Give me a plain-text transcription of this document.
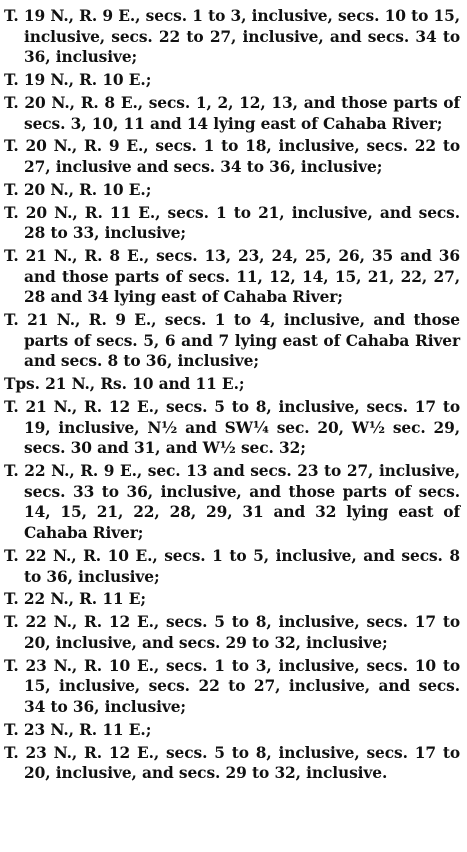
T. 19 N., R. 9 E., secs. 1 to 3, inclusive, secs. 10 to 15, inclusive, secs. 22 to 27, inclusive, and secs. 34 to 36, inclusive;

T. 19 N., R. 10 E.;

T. 20 N., R. 8 E., secs. 1, 2, 12, 13, and those parts of secs. 3, 10, 11 and 14 lying east of Cahaba River;

T. 20 N., R. 9 E., secs. 1 to 18, inclusive, secs. 22 to 27, inclusive and secs. 34 to 36, inclusive;

T. 20 N., R. 10 E.;

T. 20 N., R. 11 E., secs. 1 to 21, inclusive, and secs. 28 to 33, inclusive;

T. 21 N., R. 8 E., secs. 13, 23, 24, 25, 26, 35 and 36 and those parts of secs. 11, 12, 14, 15, 21, 22, 27, 28 and 34 lying east of Cahaba River;

T. 21 N., R. 9 E., secs. 1 to 4, inclusive, and those parts of secs. 5, 6 and 7 lying east of Cahaba River and secs. 8 to 36, inclusive;

Tps. 21 N., Rs. 10 and 11 E.;

T. 21 N., R. 12 E., secs. 5 to 8, inclusive, secs. 17 to 19, inclusive, N½ and SW¼ sec. 20, W½ sec. 29, secs. 30 and 31, and W½ sec. 32;

T. 22 N., R. 9 E., sec. 13 and secs. 23 to 27, inclusive, secs. 33 to 36, inclusive, and those parts of secs. 14, 15, 21, 22, 28, 29, 31 and 32 lying east of Cahaba River;

T. 22 N., R. 10 E., secs. 1 to 5, inclusive, and secs. 8 to 36, inclusive;

T. 22 N., R. 11 E;

T. 22 N., R. 12 E., secs. 5 to 8, inclusive, secs. 17 to 20, inclusive, and secs. 29 to 32, inclusive;

T. 23 N., R. 10 E., secs. 1 to 3, inclusive, secs. 10 to 15, inclusive, secs. 22 to 27, inclusive, and secs. 34 to 36, inclusive;

T. 23 N., R. 11 E.;

T. 23 N., R. 12 E., secs. 5 to 8, inclusive, secs. 17 to 20, inclusive, and secs. 29 to 32, inclusive.
